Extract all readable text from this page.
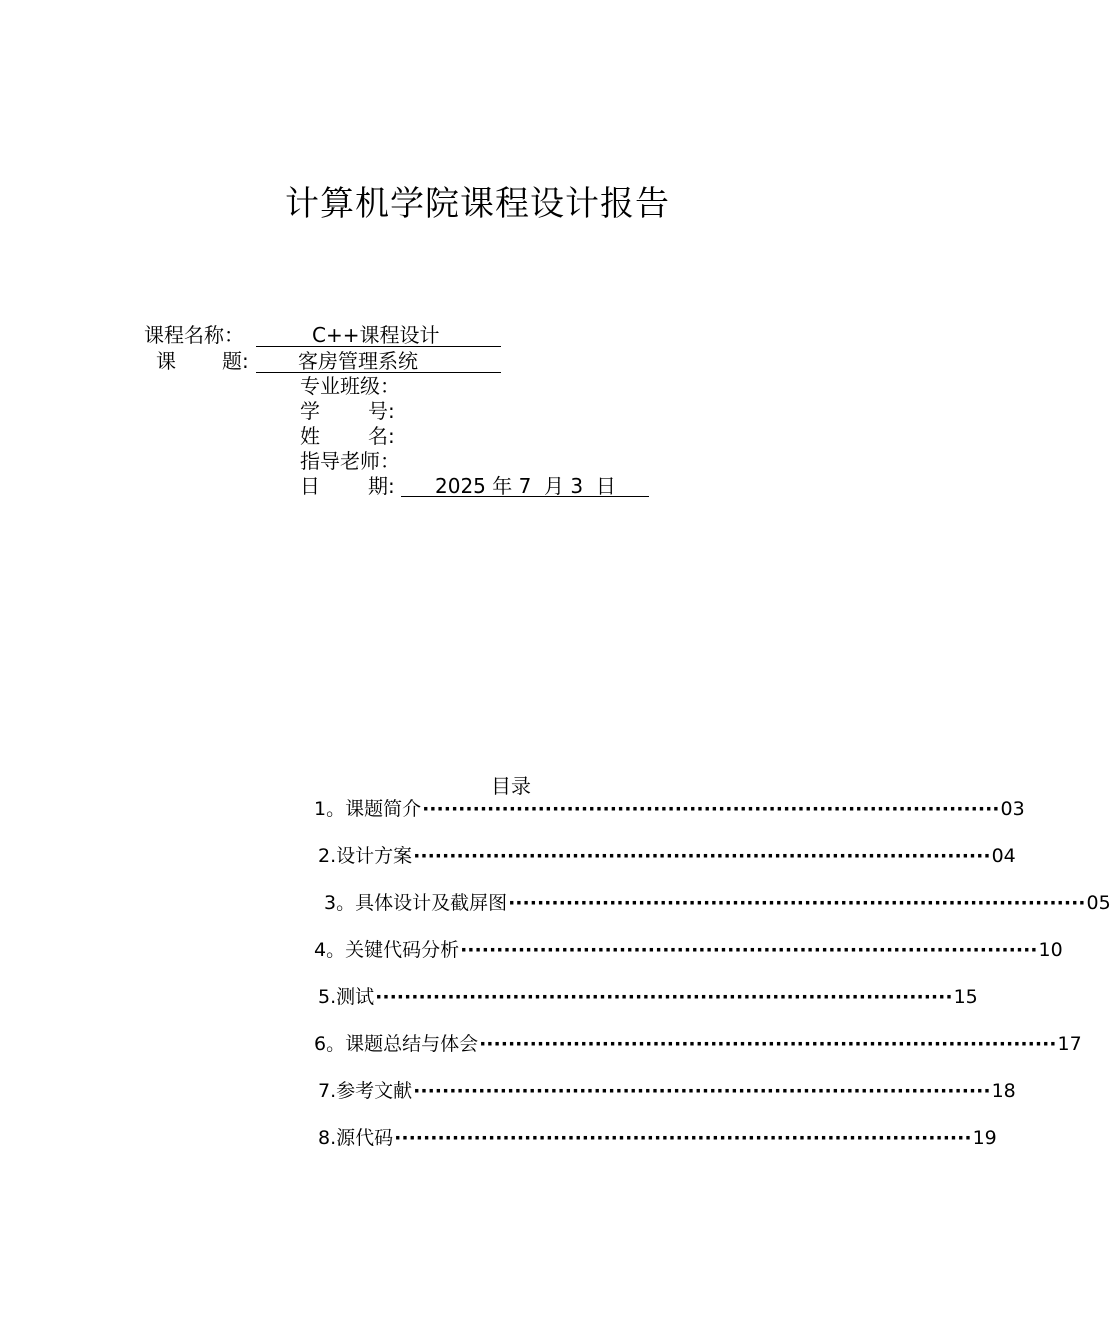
计算机学院课程设计报告
课程名称：	C++课程设计
课 题: 客房管理系统
专业班级：
学 号:
姓 名:
指导老师：
日 期: 2025 年 7  月 3  日
目录
1。课题简介 ················································································ 03
2.设计方案 ················································································ 04
3。具体设计及截屏图 ················································································ 05
4。关键代码分析 ················································································ 10
5.测试 ················································································ 15
6。课题总结与体会 ················································································ 17
7.参考文献 ················································································ 18
8.源代码 ················································································ 19
